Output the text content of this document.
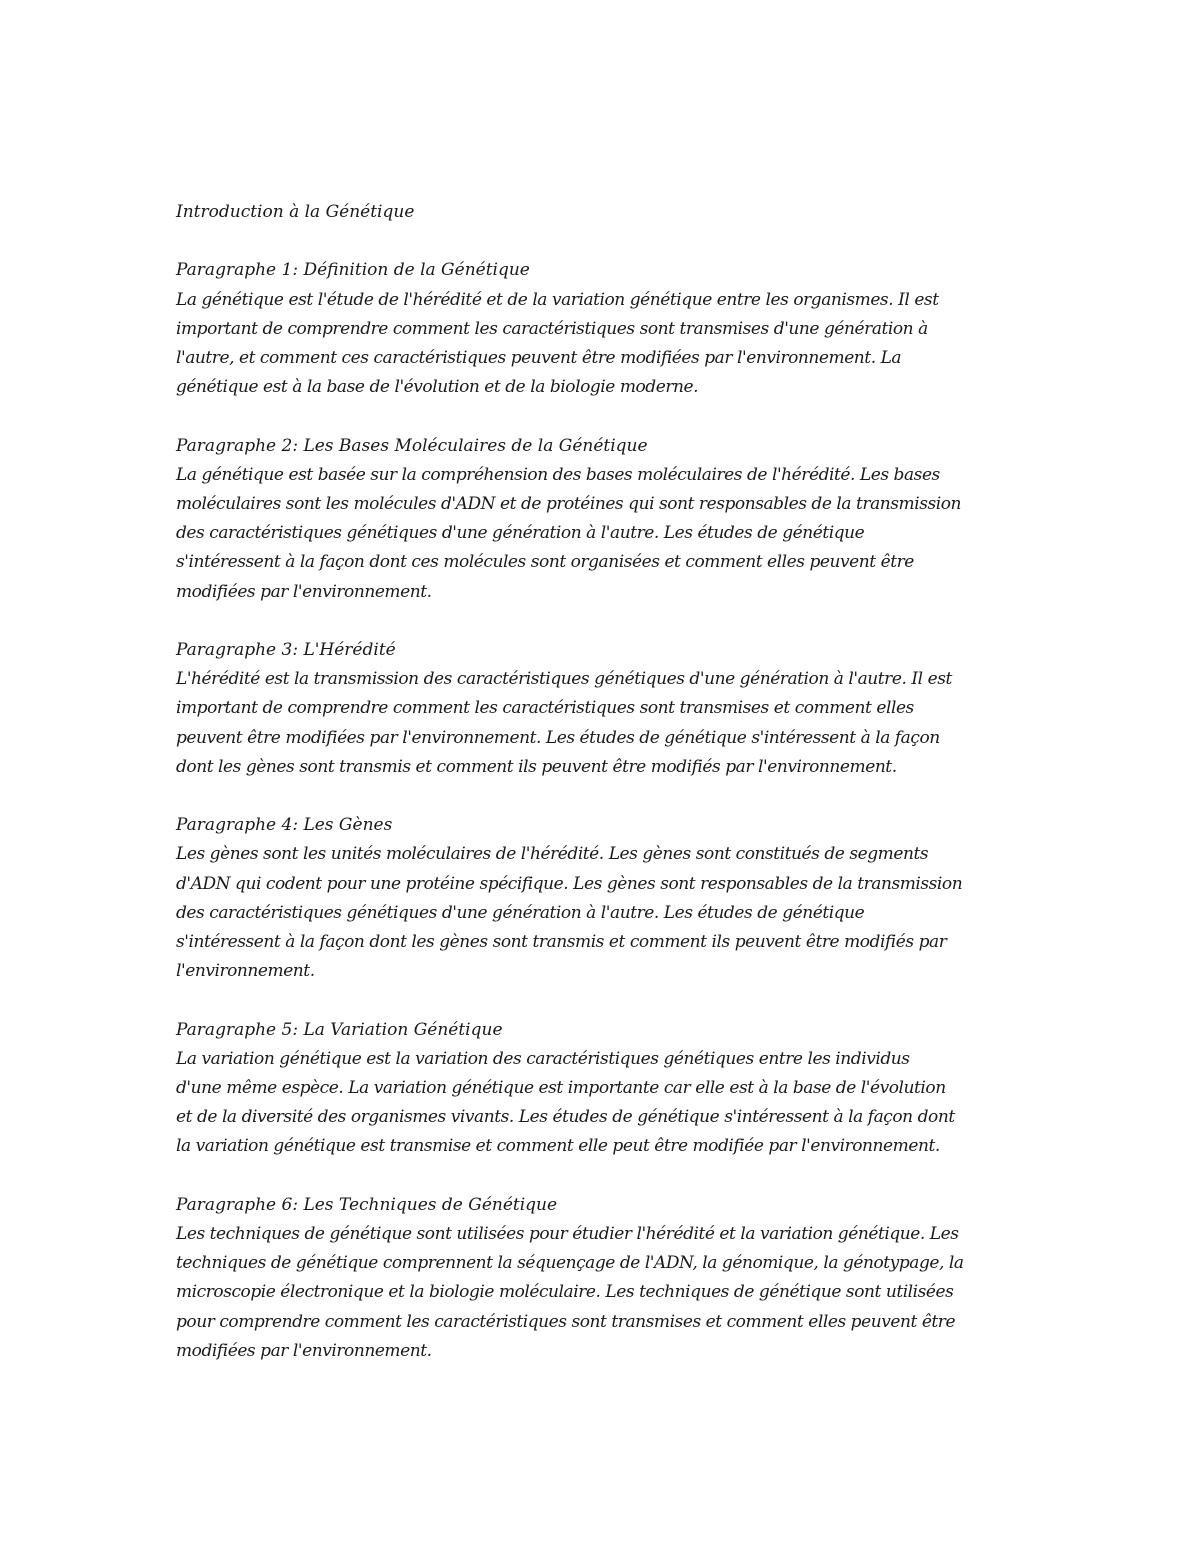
Introduction à la Génétique

Paragraphe 1: Définition de la Génétique

La génétique est l'étude de l'hérédité et de la variation génétique entre les organismes. Il est

important de comprendre comment les caractéristiques sont transmises d'une génération à

l'autre, et comment ces caractéristiques peuvent être modifiées par l'environnement. La

génétique est à la base de l'évolution et de la biologie moderne.

Paragraphe 2: Les Bases Moléculaires de la Génétique

La génétique est basée sur la compréhension des bases moléculaires de l'hérédité. Les bases

moléculaires sont les molécules d'ADN et de protéines qui sont responsables de la transmission

des caractéristiques génétiques d'une génération à l'autre. Les études de génétique

s'intéressent à la façon dont ces molécules sont organisées et comment elles peuvent être

modifiées par l'environnement.

Paragraphe 3: L'Hérédité

L'hérédité est la transmission des caractéristiques génétiques d'une génération à l'autre. Il est

important de comprendre comment les caractéristiques sont transmises et comment elles

peuvent être modifiées par l'environnement. Les études de génétique s'intéressent à la façon

dont les gènes sont transmis et comment ils peuvent être modifiés par l'environnement.

Paragraphe 4: Les Gènes

Les gènes sont les unités moléculaires de l'hérédité. Les gènes sont constitués de segments

d'ADN qui codent pour une protéine spécifique. Les gènes sont responsables de la transmission

des caractéristiques génétiques d'une génération à l'autre. Les études de génétique

s'intéressent à la façon dont les gènes sont transmis et comment ils peuvent être modifiés par

l'environnement.

Paragraphe 5: La Variation Génétique

La variation génétique est la variation des caractéristiques génétiques entre les individus

d'une même espèce. La variation génétique est importante car elle est à la base de l'évolution

et de la diversité des organismes vivants. Les études de génétique s'intéressent à la façon dont

la variation génétique est transmise et comment elle peut être modifiée par l'environnement.

Paragraphe 6: Les Techniques de Génétique

Les techniques de génétique sont utilisées pour étudier l'hérédité et la variation génétique. Les

techniques de génétique comprennent la séquençage de l'ADN, la génomique, la génotypage, la

microscopie électronique et la biologie moléculaire. Les techniques de génétique sont utilisées

pour comprendre comment les caractéristiques sont transmises et comment elles peuvent être

modifiées par l'environnement.
